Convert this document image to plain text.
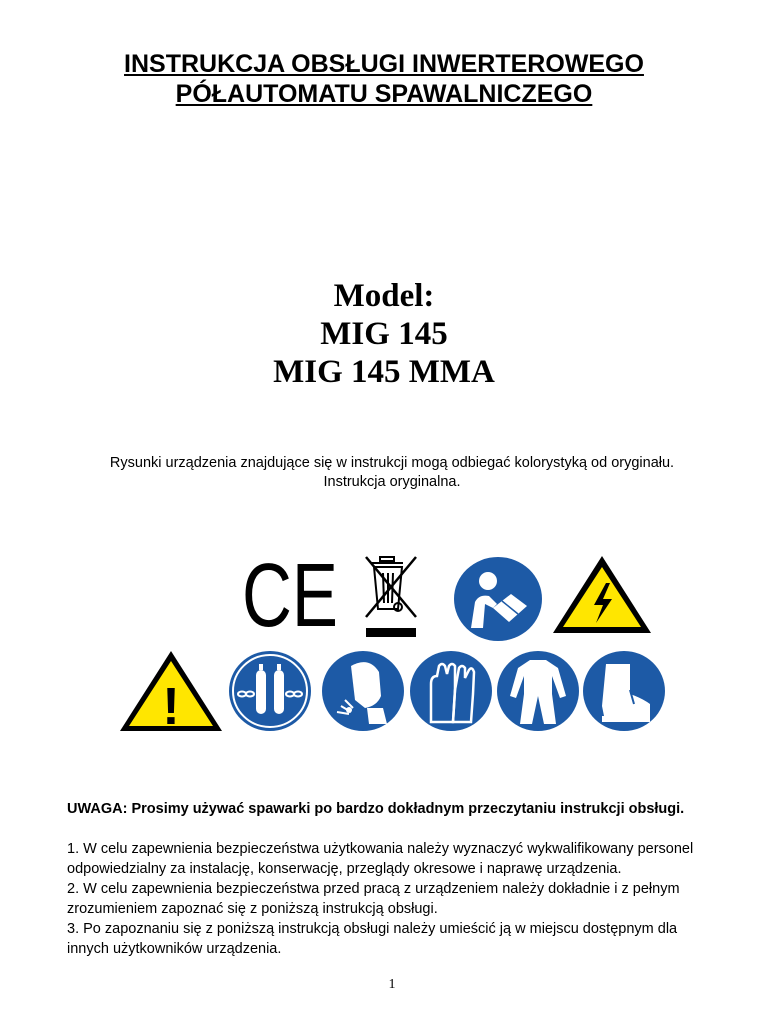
INSTRUKCJA OBSŁUGI INWERTEROWEGO
PÓŁAUTOMATU SPAWALNICZEGO
Model:
MIG 145
MIG 145 MMA
Rysunki urządzenia znajdujące się w instrukcji mogą odbiegać kolorystyką od oryginału.
Instrukcja oryginalna.
CE
!
UWAGA: Prosimy używać spawarki po bardzo dokładnym przeczytaniu instrukcji obsługi.
1. W celu zapewnienia bezpieczeństwa użytkowania należy wyznaczyć wykwalifikowany personel
odpowiedzialny za instalację, konserwację, przeglądy okresowe i naprawę urządzenia.
2. W celu zapewnienia bezpieczeństwa przed pracą z urządzeniem należy dokładnie i z pełnym
zrozumieniem zapoznać się z poniższą instrukcją obsługi.
3. Po zapoznaniu się z poniższą instrukcją obsługi należy umieścić ją w miejscu dostępnym dla
innych użytkowników urządzenia.
1
